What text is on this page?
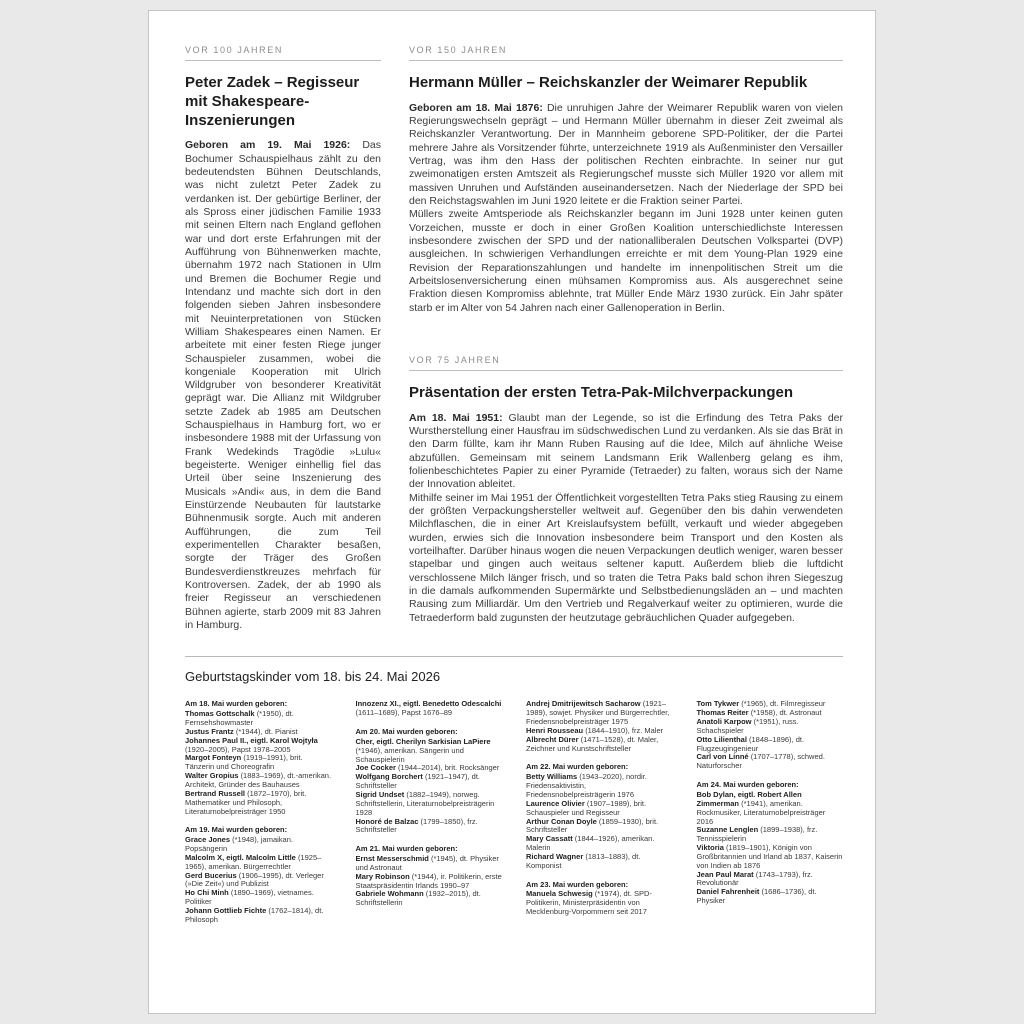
VOR 100 JAHREN
Peter Zadek – Regisseur mit Shakespeare-Inszenierungen

Geboren am 19. Mai 1926: Das Bochumer Schauspielhaus zählt zu den bedeutendsten Bühnen Deutschlands, was nicht zuletzt Peter Zadek zu verdanken ist. Der gebürtige Berliner, der als Spross einer jüdischen Familie 1933 mit seinen Eltern nach England geflohen war und dort erste Erfahrungen mit der Aufführung von Bühnenwerken machte, übernahm 1972 nach Stationen in Ulm und Bremen die Bochumer Regie und Intendanz und machte sich dort in den folgenden sieben Jahren insbesondere mit Neuinterpretationen von Stücken William Shakespeares einen Namen. Er arbeitete mit einer festen Riege junger Schauspieler zusammen, wobei die kongeniale Kooperation mit Ulrich Wildgruber von besonderer Kreativität geprägt war. Die Allianz mit Wildgruber setzte Zadek ab 1985 am Deutschen Schauspielhaus in Hamburg fort, wo er insbesondere 1988 mit der Urfassung von Frank Wedekinds Tragödie »Lulu« begeisterte. Weniger einhellig fiel das Urteil über seine Inszenierung des Musicals »Andi« aus, in dem die Band Einstürzende Neubauten für lautstarke Bühnenmusik sorgte. Auch mit anderen Aufführungen, die zum Teil experimentellen Charakter besaßen, sorgte der Träger des Großen Bundesverdienstkreuzes mehrfach für Kontroversen. Zadek, der ab 1990 als freier Regisseur an verschiedenen Bühnen agierte, starb 2009 mit 83 Jahren in Hamburg.

VOR 150 JAHREN
Hermann Müller – Reichskanzler der Weimarer Republik

Geboren am 18. Mai 1876: Die unruhigen Jahre der Weimarer Republik waren von vielen Regierungswechseln geprägt – und Hermann Müller übernahm in dieser Zeit zweimal als Reichskanzler Verantwortung. Der in Mannheim geborene SPD-Politiker, der die Partei mehrere Jahre als Vorsitzender führte, unterzeichnete 1919 als Außenminister den Versailler Vertrag, was ihm den Hass der politischen Rechten einbrachte. In seiner nur gut zweimonatigen ersten Amtszeit als Regierungschef musste sich Müller 1920 vor allem mit massiven Unruhen und Aufständen auseinandersetzen. Nach der Niederlage der SPD bei den Reichstagswahlen im Juni 1920 leitete er die Fraktion seiner Partei.

Müllers zweite Amtsperiode als Reichskanzler begann im Juni 1928 unter keinen guten Vorzeichen, musste er doch in einer Großen Koalition unterschiedlichste Interessen insbesondere zwischen der SPD und der nationalliberalen Deutschen Volkspartei (DVP) ausgleichen. In schwierigen Verhandlungen erreichte er mit dem Young-Plan 1929 eine Revision der Reparationszahlungen und handelte im innenpolitischen Streit um die Arbeitslosenversicherung einen mühsamen Kompromiss aus. Als ausgerechnet seine Fraktion diesen Kompromiss ablehnte, trat Müller Ende März 1930 zurück. Ein Jahr später starb er im Alter von 54 Jahren nach einer Gallenoperation in Berlin.

VOR 75 JAHREN
Präsentation der ersten Tetra-Pak-Milchverpackungen

Am 18. Mai 1951: Glaubt man der Legende, so ist die Erfindung des Tetra Paks der Wurstherstellung einer Hausfrau im südschwedischen Lund zu verdanken. Als sie das Brät in den Darm füllte, kam ihr Mann Ruben Rausing auf die Idee, Milch auf ähnliche Weise abzufüllen. Gemeinsam mit seinem Landsmann Erik Wallenberg gelang es ihm, folienbeschichtetes Papier zu einer Pyramide (Tetraeder) zu falten, woraus sich der Name der Innovation ableitet.

Mithilfe seiner im Mai 1951 der Öffentlichkeit vorgestellten Tetra Paks stieg Rausing zu einem der größten Verpackungshersteller weltweit auf. Gegenüber den bis dahin verwendeten Milchflaschen, die in einer Art Kreislaufsystem befüllt, verkauft und wieder abgegeben wurden, erwies sich die Innovation insbesondere beim Transport und den Kosten als vorteilhafter. Darüber hinaus wogen die neuen Verpackungen deutlich weniger, waren besser stapelbar und gingen auch weitaus seltener kaputt. Außerdem blieb die luftdicht verschlossene Milch länger frisch, und so traten die Tetra Paks bald schon ihren Siegeszug in die damals aufkommenden Supermärkte und Selbstbedienungsläden an – und machten Rausing zum Milliardär. Um den Vertrieb und Regalverkauf weiter zu optimieren, wurde die Tetraederform bald zugunsten der heutzutage gebräuchlichen Quader aufgegeben.

Geburtstagskinder vom 18. bis 24. Mai 2026
Am 18. Mai wurden geboren:
Thomas Gottschalk (*1950), dt. Fernsehshowmaster
Justus Frantz (*1944), dt. Pianist
Johannes Paul II., eigtl. Karol Wojtyła (1920–2005), Papst 1978–2005
Margot Fonteyn (1919–1991), brit. Tänzerin und Choreografin
Walter Gropius (1883–1969), dt.-amerikan. Architekt, Gründer des Bauhauses
Bertrand Russell (1872–1970), brit. Mathematiker und Philosoph, Literaturnobelpreisträger 1950
Am 19. Mai wurden geboren:
Grace Jones (*1948), jamaikan. Popsängerin
Malcolm X, eigtl. Malcolm Little (1925–1965), amerikan. Bürgerrechtler
Gerd Bucerius (1906–1995), dt. Verleger (»Die Zeit«) und Publizist
Ho Chi Minh (1890–1969), vietnames. Politiker
Johann Gottlieb Fichte (1762–1814), dt. Philosoph
Innozenz XI., eigtl. Benedetto Odescalchi (1611–1689), Papst 1676–89
Am 20. Mai wurden geboren:
Cher, eigtl. Cherilyn Sarkisian LaPiere (*1946), amerikan. Sängerin und Schauspielerin
Joe Cocker (1944–2014), brit. Rocksänger
Wolfgang Borchert (1921–1947), dt. Schriftsteller
Sigrid Undset (1882–1949), norweg. Schriftstellerin, Literaturnobelpreisträgerin 1928
Honoré de Balzac (1799–1850), frz. Schriftsteller
Am 21. Mai wurden geboren:
Ernst Messerschmid (*1945), dt. Physiker und Astronaut
Mary Robinson (*1944), ir. Politikerin, erste Staatspräsidentin Irlands 1990–97
Gabriele Wohmann (1932–2015), dt. Schriftstellerin
Andrej Dmitrijewitsch Sacharow (1921–1989), sowjet. Physiker und Bürgerrechtler, Friedensnobelpreisträger 1975
Henri Rousseau (1844–1910), frz. Maler
Albrecht Dürer (1471–1528), dt. Maler, Zeichner und Kunstschriftsteller
Am 22. Mai wurden geboren:
Betty Williams (1943–2020), nordir. Friedensaktivistin, Friedensnobelpreisträgerin 1976
Laurence Olivier (1907–1989), brit. Schauspieler und Regisseur
Arthur Conan Doyle (1859–1930), brit. Schriftsteller
Mary Cassatt (1844–1926), amerikan. Malerin
Richard Wagner (1813–1883), dt. Komponist
Am 23. Mai wurden geboren:
Manuela Schwesig (*1974), dt. SPD-Politikerin, Ministerpräsidentin von Mecklenburg-Vorpommern seit 2017
Tom Tykwer (*1965), dt. Filmregisseur
Thomas Reiter (*1958), dt. Astronaut
Anatoli Karpow (*1951), russ. Schachspieler
Otto Lilienthal (1848–1896), dt. Flugzeugingenieur
Carl von Linné (1707–1778), schwed. Naturforscher
Am 24. Mai wurden geboren:
Bob Dylan, eigtl. Robert Allen Zimmerman (*1941), amerikan. Rockmusiker, Literaturnobelpreisträger 2016
Suzanne Lenglen (1899–1938), frz. Tennisspielerin
Viktoria (1819–1901), Königin von Großbritannien und Irland ab 1837, Kaiserin von Indien ab 1876
Jean Paul Marat (1743–1793), frz. Revolutionär
Daniel Fahrenheit (1686–1736), dt. Physiker
